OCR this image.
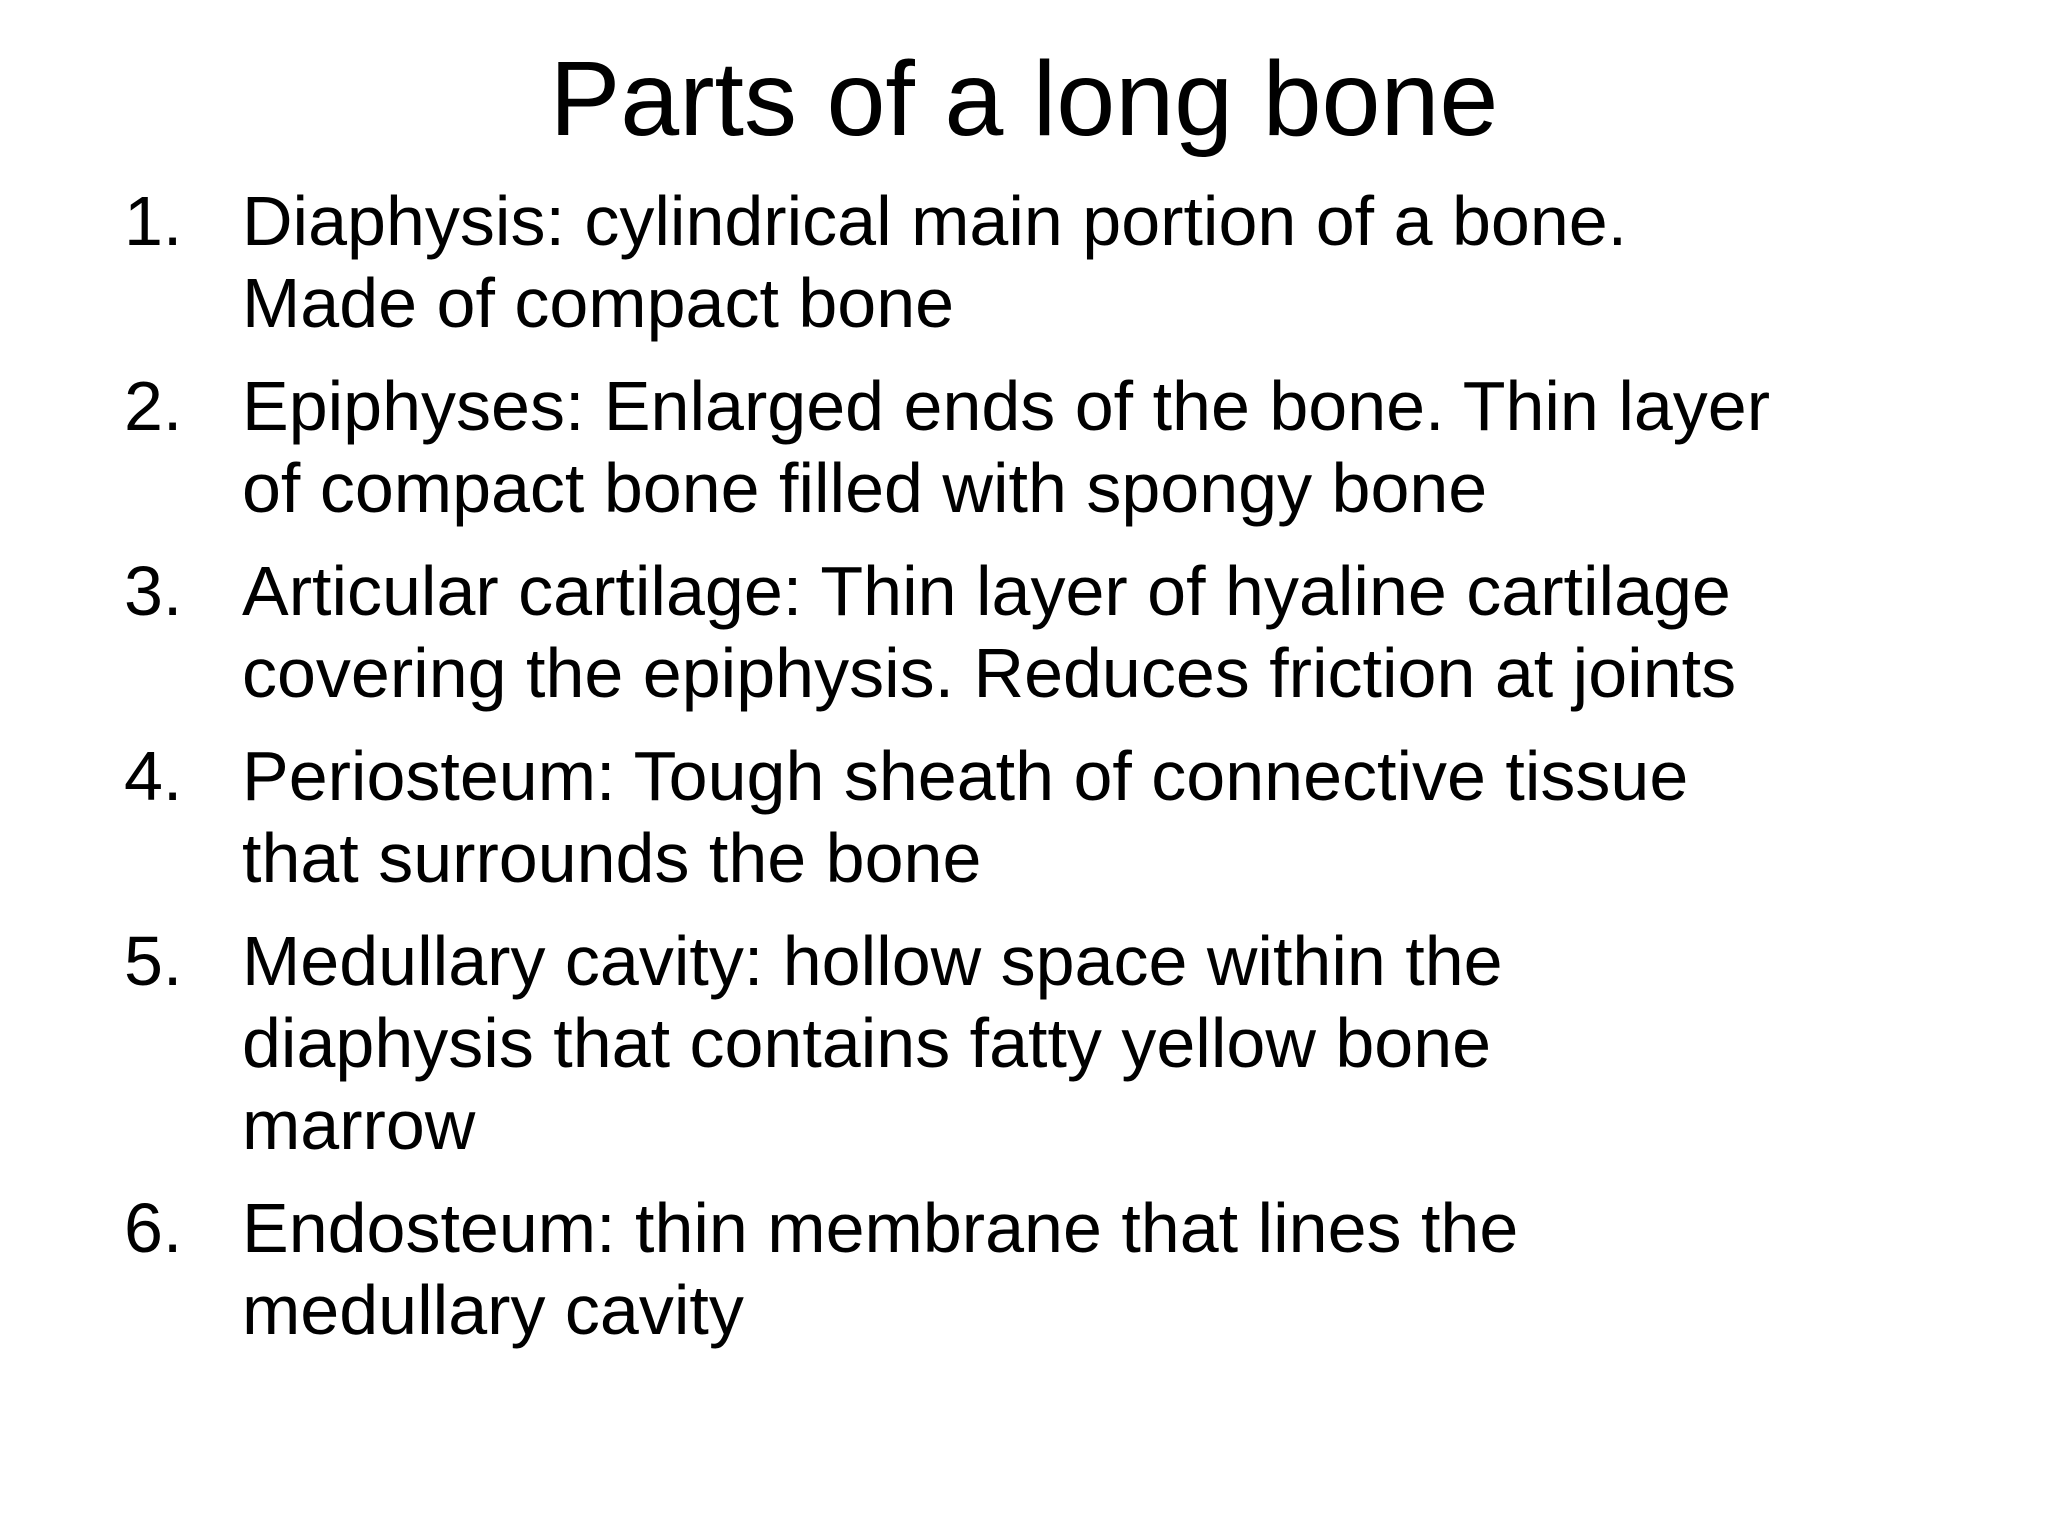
Parts of a long bone
1. Diaphysis: cylindrical main portion of a bone.
Made of compact bone
2. Epiphyses: Enlarged ends of the bone. Thin layer
of compact bone filled with spongy bone
3. Articular cartilage: Thin layer of hyaline cartilage
covering the epiphysis. Reduces friction at joints
4. Periosteum: Tough sheath of connective tissue
that surrounds the bone
5. Medullary cavity: hollow space within the
diaphysis that contains fatty yellow bone
marrow
6. Endosteum: thin membrane that lines the
medullary cavity
